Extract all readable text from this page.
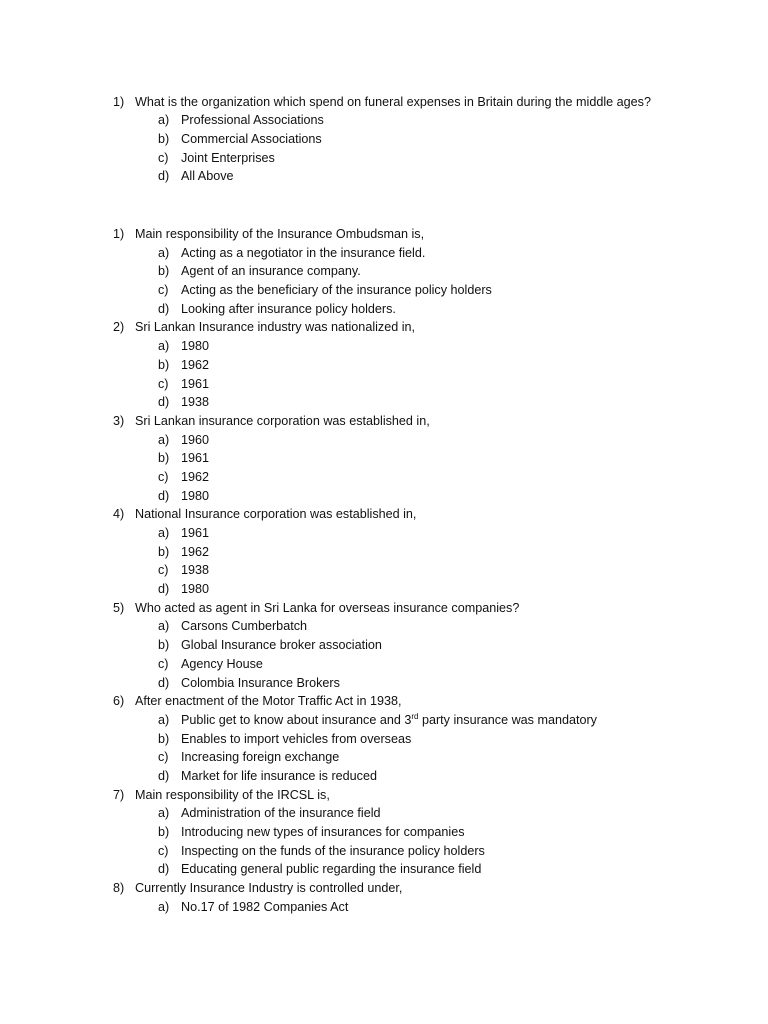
1) What is the organization which spend on funeral expenses in Britain during the middle ages?
a) Professional Associations
b) Commercial Associations
c) Joint Enterprises
d) All Above
1) Main responsibility of the Insurance Ombudsman is,
a) Acting as a negotiator in the insurance field.
b) Agent of an insurance company.
c) Acting as the beneficiary of the insurance policy holders
d) Looking after insurance policy holders.
2) Sri Lankan Insurance industry was nationalized in,
a) 1980
b) 1962
c) 1961
d) 1938
3) Sri Lankan insurance corporation was established in,
a) 1960
b) 1961
c) 1962
d) 1980
4) National Insurance corporation was established in,
a) 1961
b) 1962
c) 1938
d) 1980
5) Who acted as agent in Sri Lanka for overseas insurance companies?
a) Carsons Cumberbatch
b) Global Insurance broker association
c) Agency House
d) Colombia Insurance Brokers
6) After enactment of the Motor Traffic Act in 1938,
a) Public get to know about insurance and 3rd party insurance was mandatory
b) Enables to import vehicles from overseas
c) Increasing foreign exchange
d) Market for life insurance is reduced
7) Main responsibility of the IRCSL is,
a) Administration of the insurance field
b) Introducing new types of insurances for companies
c) Inspecting on the funds of the insurance policy holders
d) Educating general public regarding the insurance field
8) Currently Insurance Industry is controlled under,
a) No.17 of 1982 Companies Act
